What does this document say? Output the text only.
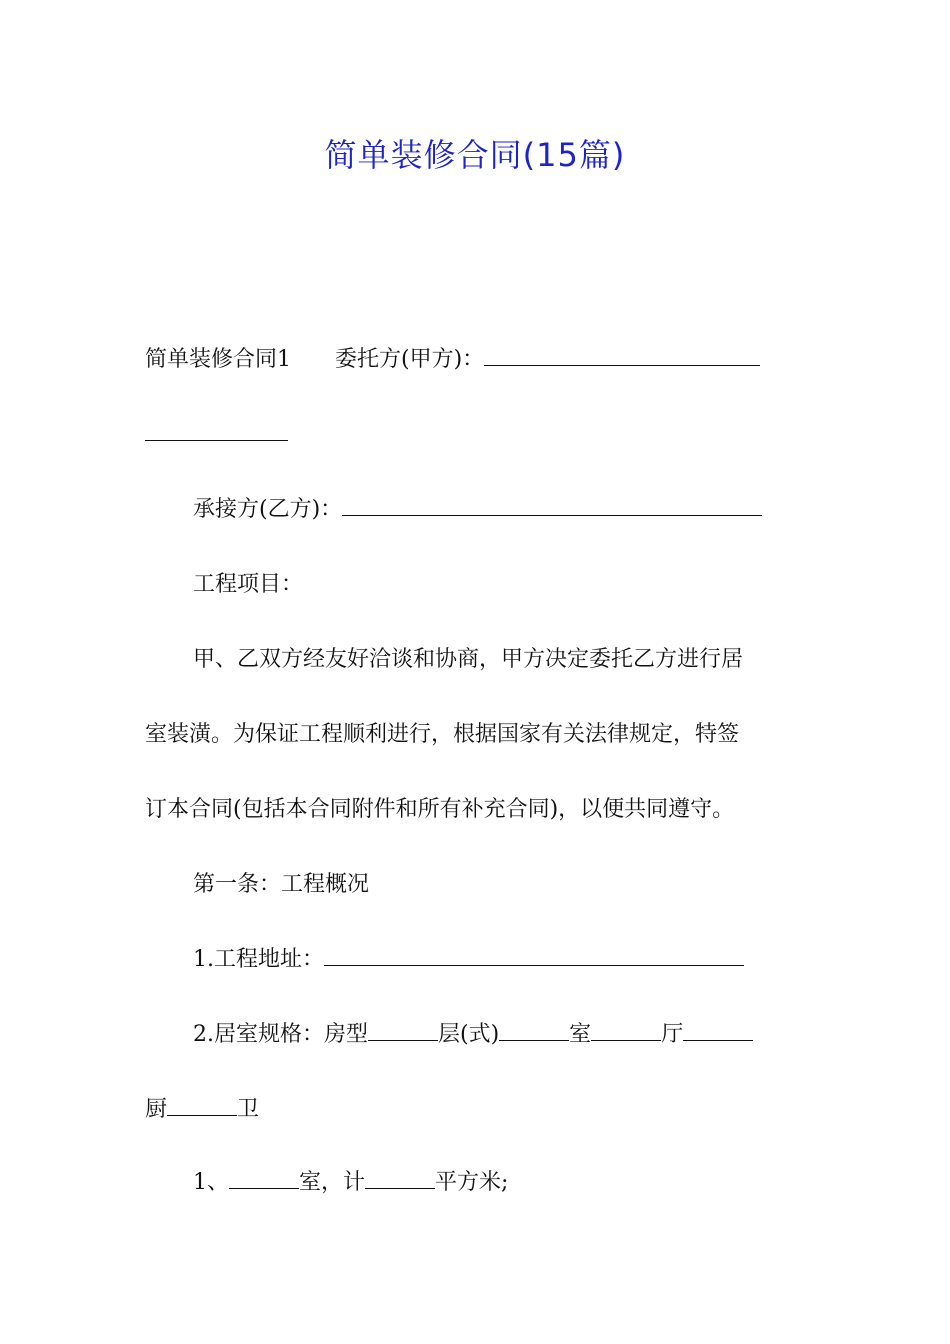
简单装修合同(15篇)
简单装修合同1 委托方(甲方)：
承接方(乙方)：
工程项目：
甲、乙双方经友好洽谈和协商，甲方决定委托乙方进行居
室装潢。为保证工程顺利进行，根据国家有关法律规定，特签
订本合同(包括本合同附件和所有补充合同)，以便共同遵守。
第一条：工程概况
1.工程地址：
2.居室规格：房型	层(式)	室	厅
厨	卫
1、	室，计	平方米;
